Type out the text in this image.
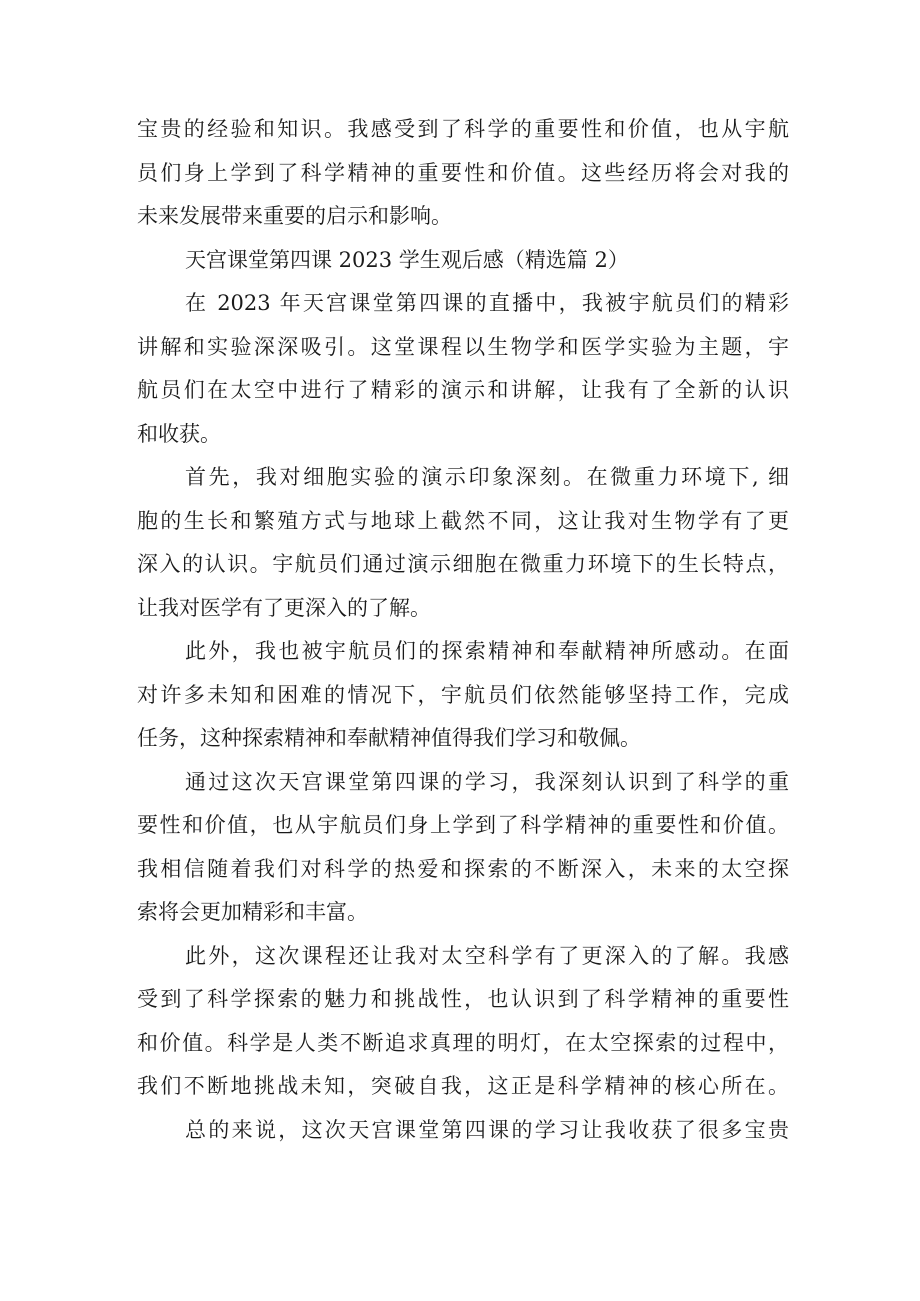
宝贵的经验和知识。我感受到了科学的重要性和价值，也从宇航
员们身上学到了科学精神的重要性和价值。这些经历将会对我的
未来发展带来重要的启示和影响。
天宫课堂第四课 2023 学生观后感（精选篇 2）
在 2023 年天宫课堂第四课的直播中，我被宇航员们的精彩
讲解和实验深深吸引。这堂课程以生物学和医学实验为主题，宇
航员们在太空中进行了精彩的演示和讲解，让我有了全新的认识
和收获。
首先，我对细胞实验的演示印象深刻。在微重力环境下, 细
胞的生长和繁殖方式与地球上截然不同，这让我对生物学有了更
深入的认识。宇航员们通过演示细胞在微重力环境下的生长特点，
让我对医学有了更深入的了解。
此外，我也被宇航员们的探索精神和奉献精神所感动。在面
对许多未知和困难的情况下，宇航员们依然能够坚持工作，完成
任务，这种探索精神和奉献精神值得我们学习和敬佩。
通过这次天宫课堂第四课的学习，我深刻认识到了科学的重
要性和价值，也从宇航员们身上学到了科学精神的重要性和价值。
我相信随着我们对科学的热爱和探索的不断深入，未来的太空探
索将会更加精彩和丰富。
此外，这次课程还让我对太空科学有了更深入的了解。我感
受到了科学探索的魅力和挑战性，也认识到了科学精神的重要性
和价值。科学是人类不断追求真理的明灯，在太空探索的过程中，
我们不断地挑战未知，突破自我，这正是科学精神的核心所在。
总的来说，这次天宫课堂第四课的学习让我收获了很多宝贵
